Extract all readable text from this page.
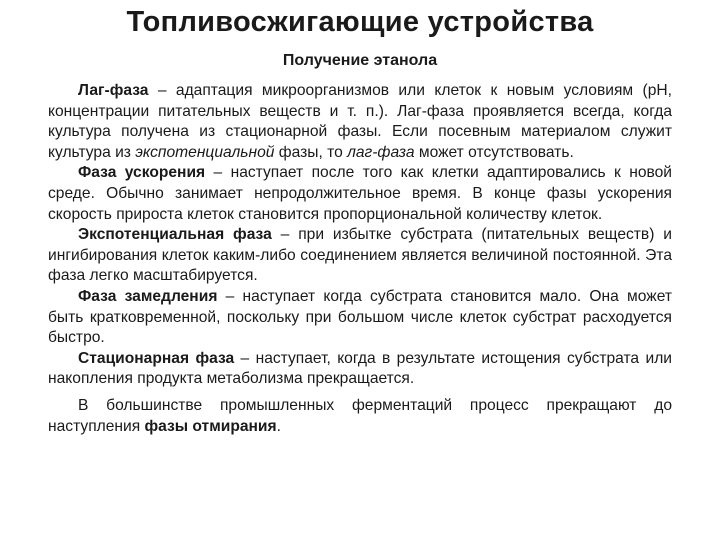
Топливосжигающие устройства
Получение этанола

Лаг-фаза – адаптация микроорганизмов или клеток к новым условиям (рН, концентрации питательных веществ и т. п.). Лаг-фаза проявляется всегда, когда культура получена из стационарной фазы. Если посевным материалом служит культура из экспотенциальной фазы, то лаг-фаза может отсутствовать.

Фаза ускорения – наступает после того как клетки адаптировались к новой среде. Обычно занимает непродолжительное время. В конце фазы ускорения скорость прироста клеток становится пропорциональной количеству клеток.

Экспотенциальная фаза – при избытке субстрата (питательных веществ) и ингибирования клеток каким-либо соединением является величиной постоянной. Эта фаза легко масштабируется.

Фаза замедления – наступает когда субстрата становится мало. Она может быть кратковременной, поскольку при большом числе клеток субстрат расходуется быстро.

Стационарная фаза – наступает, когда в результате истощения субстрата или накопления продукта метаболизма прекращается.

В большинстве промышленных ферментаций процесс прекращают до наступления фазы отмирания.
